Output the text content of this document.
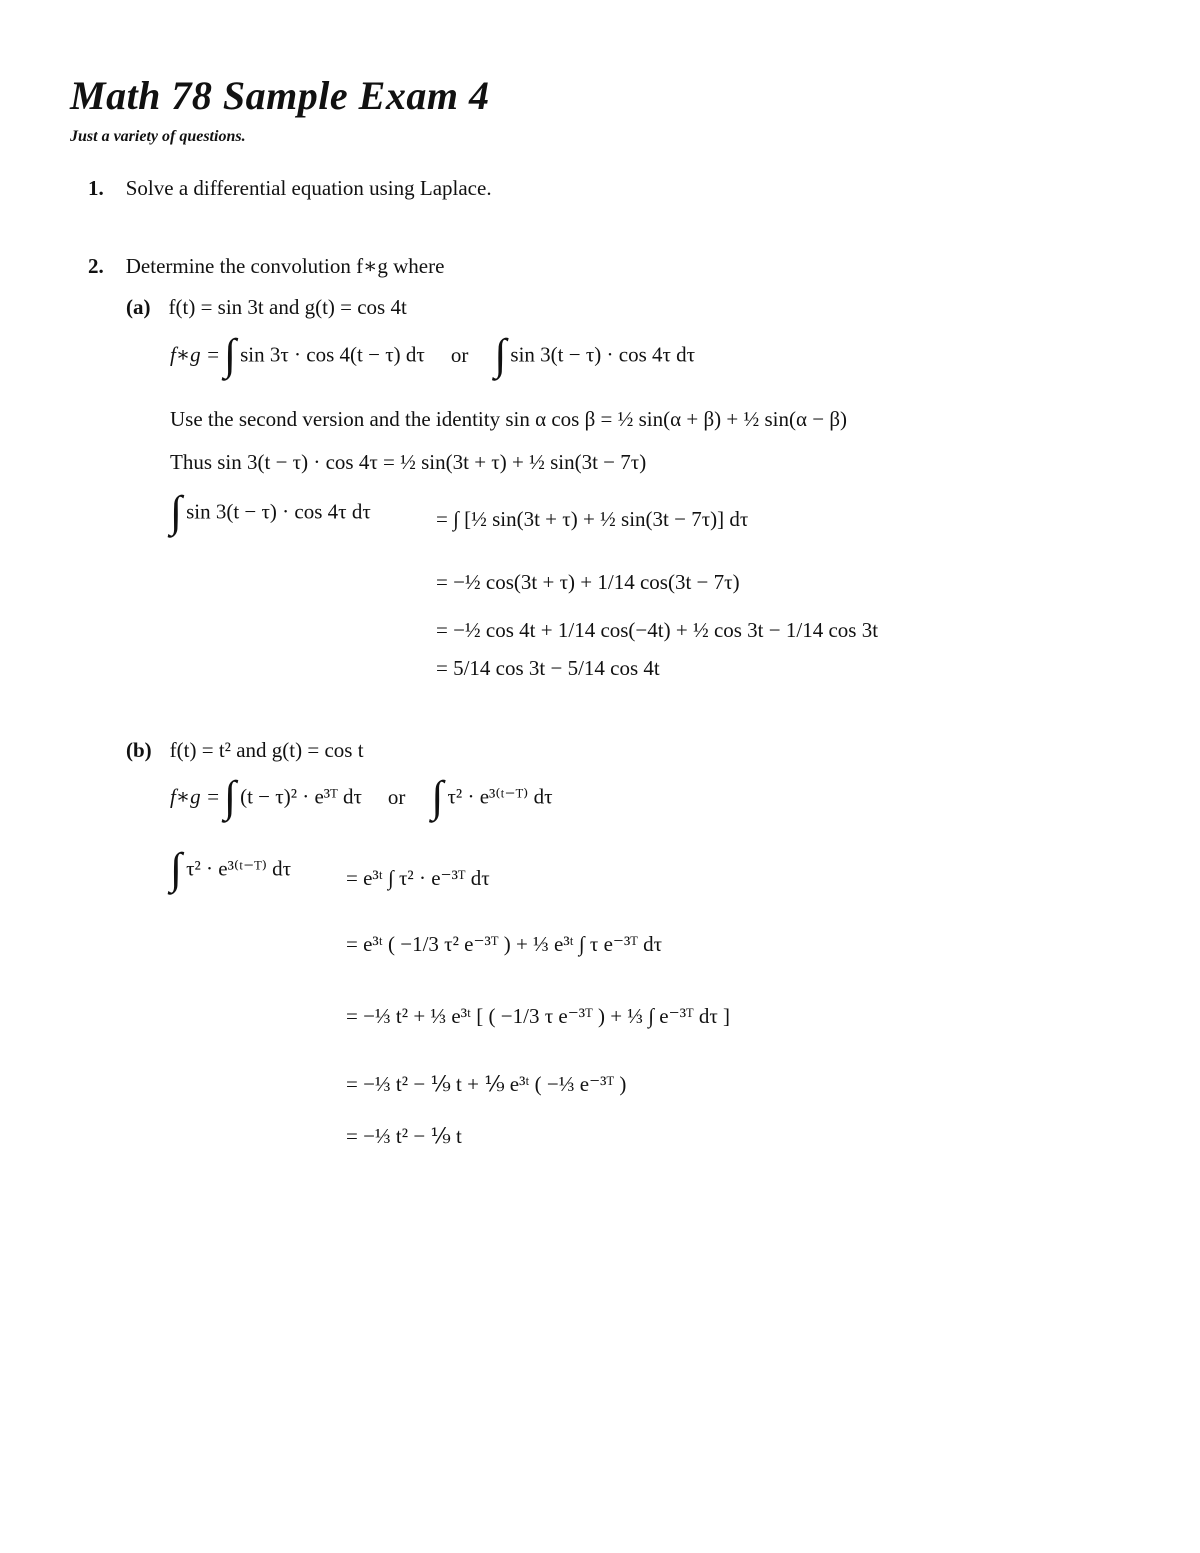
Math 78 Sample Exam 4
Just a variety of questions.
1. Solve a differential equation using Laplace.
2. Determine the convolution f∗g where
(a) f(t) = sin 3t and g(t) = cos 4t
f∗g = ∫ sin 3τ · cos 4(t − τ) dτ or ∫ sin 3(t − τ) · cos 4τ dτ
Use the second version and the identity sin α cos β = ½ sin(α + β) + ½ sin(α − β)
Thus sin 3(t − τ) · cos 4τ = ½ sin(3t + τ) + ½ sin(3t − 7τ)
∫ sin 3(t − τ) · cos 4τ dτ	= ∫ [½ sin(3t + τ) + ½ sin(3t − 7τ)] dτ
= −½ cos(3t + τ) + 1/14 cos(3t − 7τ)
= −½ cos 4t + 1/14 cos(−4t) + ½ cos 3t − 1/14 cos 3t
= 5/14 cos 3t − 5/14 cos 4t
(b) f(t) = t² and g(t) = cos t
f∗g = ∫ (t − τ)² · e³ᵀ dτ or ∫ τ² · e³⁽ᵗ⁻ᵀ⁾ dτ
∫ τ² · e³⁽ᵗ⁻ᵀ⁾ dτ	= e³ᵗ ∫ τ² · e⁻³ᵀ dτ
= e³ᵗ ( −1/3 τ² e⁻³ᵀ ) + ⅓ e³ᵗ ∫ τ e⁻³ᵀ dτ
= −⅓ t² + ⅓ e³ᵗ [ ( −1/3 τ e⁻³ᵀ ) + ⅓ ∫ e⁻³ᵀ dτ ]
= −⅓ t² − ⅑ t + ⅑ e³ᵗ ( −⅓ e⁻³ᵀ )
= −⅓ t² − ⅑ t
